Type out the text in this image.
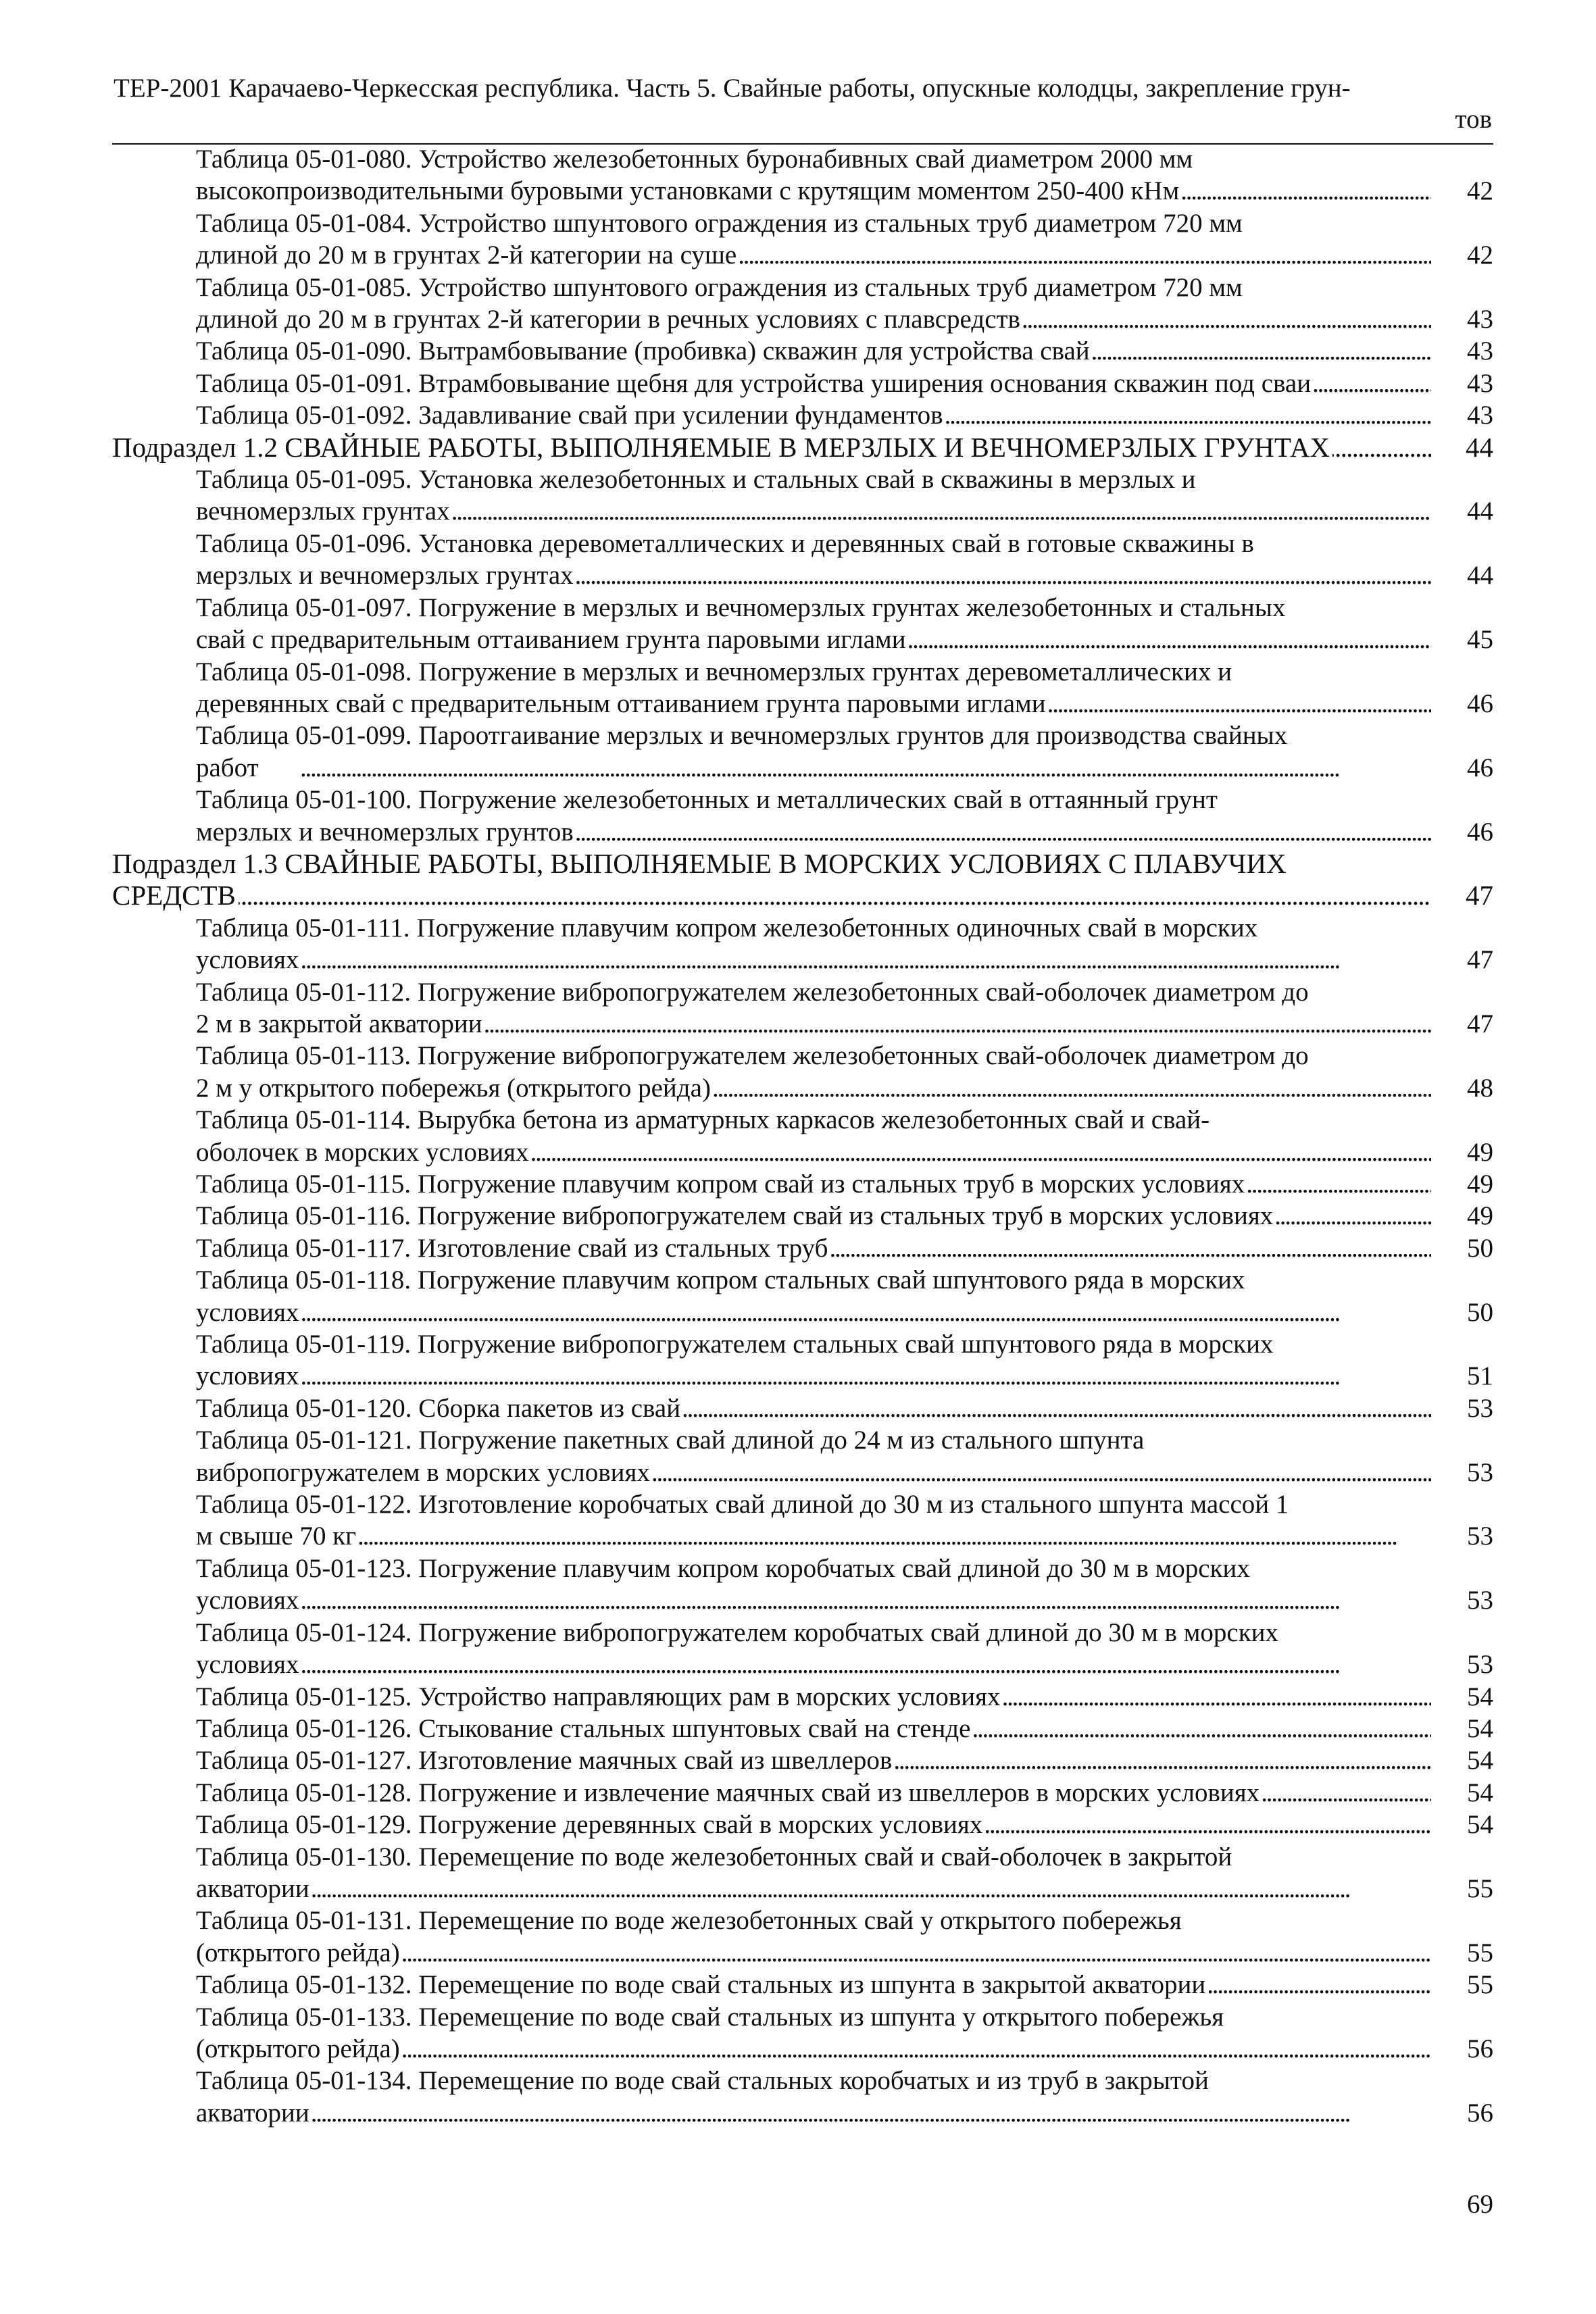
ТЕР-2001 Карачаево-Черкесская республика. Часть 5. Свайные работы, опускные колодцы, закрепление грун-
тов
Таблица 05-01-080. Устройство железобетонных буронабивных свай диаметром 2000 мм
высокопроизводительными буровыми установками с крутящим моментом 250-400 кНм . . .	42
Таблица 05-01-084. Устройство шпунтового ограждения из стальных труб диаметром 720 мм
длиной до 20 м в грунтах 2-й категории на суше . . .	42
Таблица 05-01-085. Устройство шпунтового ограждения из стальных труб диаметром 720 мм
длиной до 20 м в грунтах 2-й категории в речных условиях с плавсредств . . .	43
Таблица 05-01-090. Вытрамбовывание (пробивка) скважин для устройства свай . . .	43
Таблица 05-01-091. Втрамбовывание щебня для устройства уширения основания скважин под сваи . . .	43
Таблица 05-01-092. Задавливание свай при усилении фундаментов . . .	43
Подраздел 1.2 СВАЙНЫЕ РАБОТЫ, ВЫПОЛНЯЕМЫЕ В МЕРЗЛЫХ И ВЕЧНОМЕРЗЛЫХ ГРУНТАХ . . .	44
Таблица 05-01-095. Установка железобетонных и стальных свай в скважины в мерзлых и
вечномерзлых грунтах . . .	44
Таблица 05-01-096. Установка деревометаллических и деревянных свай в готовые скважины в
мерзлых и вечномерзлых грунтах . . .	44
Таблица 05-01-097. Погружение в мерзлых и вечномерзлых грунтах железобетонных и стальных
свай с предварительным оттаиванием грунта паровыми иглами . . .	45
Таблица 05-01-098. Погружение в мерзлых и вечномерзлых грунтах деревометаллических и
деревянных свай с предварительным оттаиванием грунта паровыми иглами . . .	46
Таблица 05-01-099. Пароотгаивание мерзлых и вечномерзлых грунтов для производства свайных
работ . . .	46
Таблица 05-01-100. Погружение железобетонных и металлических свай в оттаянный грунт
мерзлых и вечномерзлых грунтов . . .	46
Подраздел 1.3 СВАЙНЫЕ РАБОТЫ, ВЫПОЛНЯЕМЫЕ В МОРСКИХ УСЛОВИЯХ С ПЛАВУЧИХ
СРЕДСТВ . . .	47
Таблица 05-01-111. Погружение плавучим копром железобетонных одиночных свай в морских
условиях . . .	47
Таблица 05-01-112. Погружение вибропогружателем железобетонных свай-оболочек диаметром до
2 м в закрытой акватории . . .	47
Таблица 05-01-113. Погружение вибропогружателем железобетонных свай-оболочек диаметром до
2 м у открытого побережья (открытого рейда) . . .	48
Таблица 05-01-114. Вырубка бетона из арматурных каркасов железобетонных свай и свай-
оболочек в морских условиях . . .	49
Таблица 05-01-115. Погружение плавучим копром свай из стальных труб в морских условиях . . .	49
Таблица 05-01-116. Погружение вибропогружателем свай из стальных труб в морских условиях . . .	49
Таблица 05-01-117. Изготовление свай из стальных труб . . .	50
Таблица 05-01-118. Погружение плавучим копром стальных свай шпунтового ряда в морских
условиях . . .	50
Таблица 05-01-119. Погружение вибропогружателем стальных свай шпунтового ряда в морских
условиях . . .	51
Таблица 05-01-120. Сборка пакетов из свай . . .	53
Таблица 05-01-121. Погружение пакетных свай длиной до 24 м из стального шпунта
вибропогружателем в морских условиях . . .	53
Таблица 05-01-122. Изготовление коробчатых свай длиной до 30 м из стального шпунта массой 1
м свыше 70 кг . . .	53
Таблица 05-01-123. Погружение плавучим копром коробчатых свай длиной до 30 м в морских
условиях . . .	53
Таблица 05-01-124. Погружение вибропогружателем коробчатых свай длиной до 30 м в морских
условиях . . .	53
Таблица 05-01-125. Устройство направляющих рам в морских условиях . . .	54
Таблица 05-01-126. Стыкование стальных шпунтовых свай на стенде . . .	54
Таблица 05-01-127. Изготовление маячных свай из швеллеров . . .	54
Таблица 05-01-128. Погружение и извлечение маячных свай из швеллеров в морских условиях . . .	54
Таблица 05-01-129. Погружение деревянных свай в морских условиях . . .	54
Таблица 05-01-130. Перемещение по воде железобетонных свай и свай-оболочек в закрытой
акватории . . .	55
Таблица 05-01-131. Перемещение по воде железобетонных свай у открытого побережья
(открытого рейда) . . .	55
Таблица 05-01-132. Перемещение по воде свай стальных из шпунта в закрытой акватории . . .	55
Таблица 05-01-133. Перемещение по воде свай стальных из шпунта у открытого побережья
(открытого рейда) . . .	56
Таблица 05-01-134. Перемещение по воде свай стальных коробчатых и из труб в закрытой
акватории . . .	56
69
